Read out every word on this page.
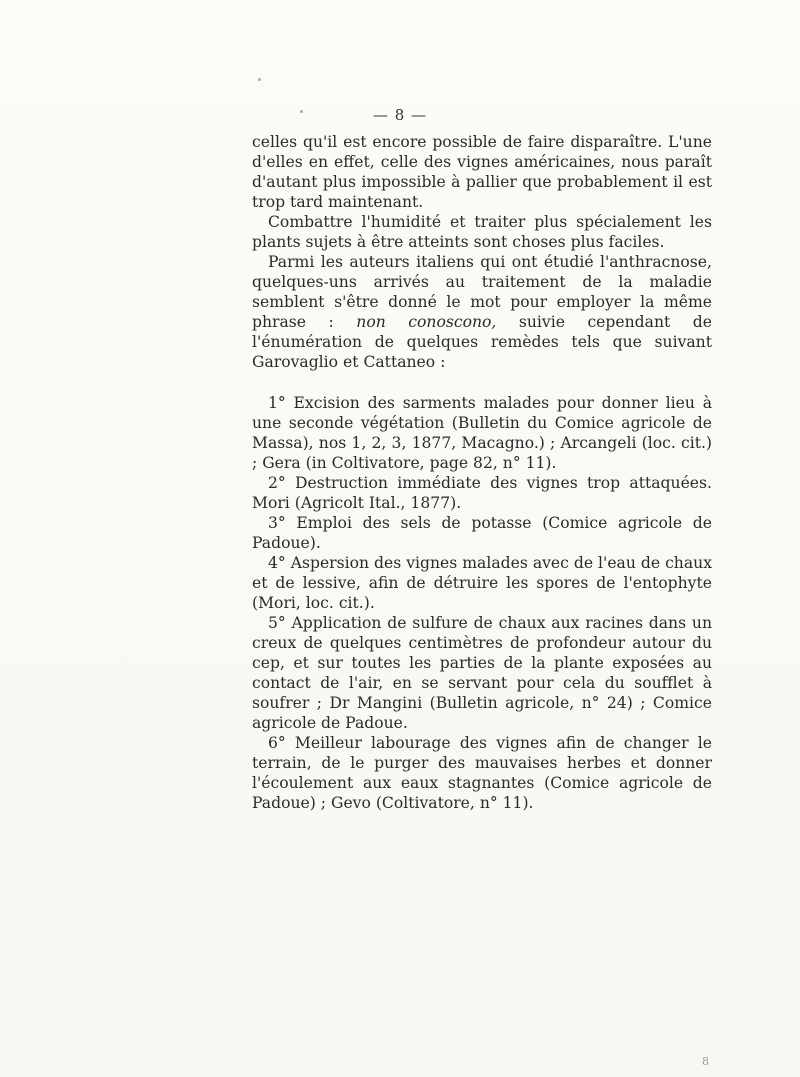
— 8 —

celles qu'il est encore possible de faire disparaître. L'une d'elles en effet, celle des vignes américaines, nous paraît d'autant plus impossible à pallier que probablement il est trop tard maintenant.

Combattre l'humidité et traiter plus spécialement les plants sujets à être atteints sont choses plus faciles.

Parmi les auteurs italiens qui ont étudié l'anthracnose, quelques-uns arrivés au traitement de la maladie semblent s'être donné le mot pour employer la même phrase : non conoscono, suivie cependant de l'énumération de quelques remèdes tels que suivant Garovaglio et Cattaneo :

1° Excision des sarments malades pour donner lieu à une seconde végétation (Bulletin du Comice agricole de Massa), nos 1, 2, 3, 1877, Macagno.) ; Arcangeli (loc. cit.) ; Gera (in Coltivatore, page 82, n° 11).

2° Destruction immédiate des vignes trop attaquées. Mori (Agricolt Ital., 1877).

3° Emploi des sels de potasse (Comice agricole de Padoue).

4° Aspersion des vignes malades avec de l'eau de chaux et de lessive, afin de détruire les spores de l'entophyte (Mori, loc. cit.).

5° Application de sulfure de chaux aux racines dans un creux de quelques centimètres de profondeur autour du cep, et sur toutes les parties de la plante exposées au contact de l'air, en se servant pour cela du soufflet à soufrer ; Dr Mangini (Bulletin agricole, n° 24) ; Comice agricole de Padoue.

6° Meilleur labourage des vignes afin de changer le terrain, de le purger des mauvaises herbes et donner l'écoulement aux eaux stagnantes (Comice agricole de Padoue) ; Gevo (Coltivatore, n° 11).

8
